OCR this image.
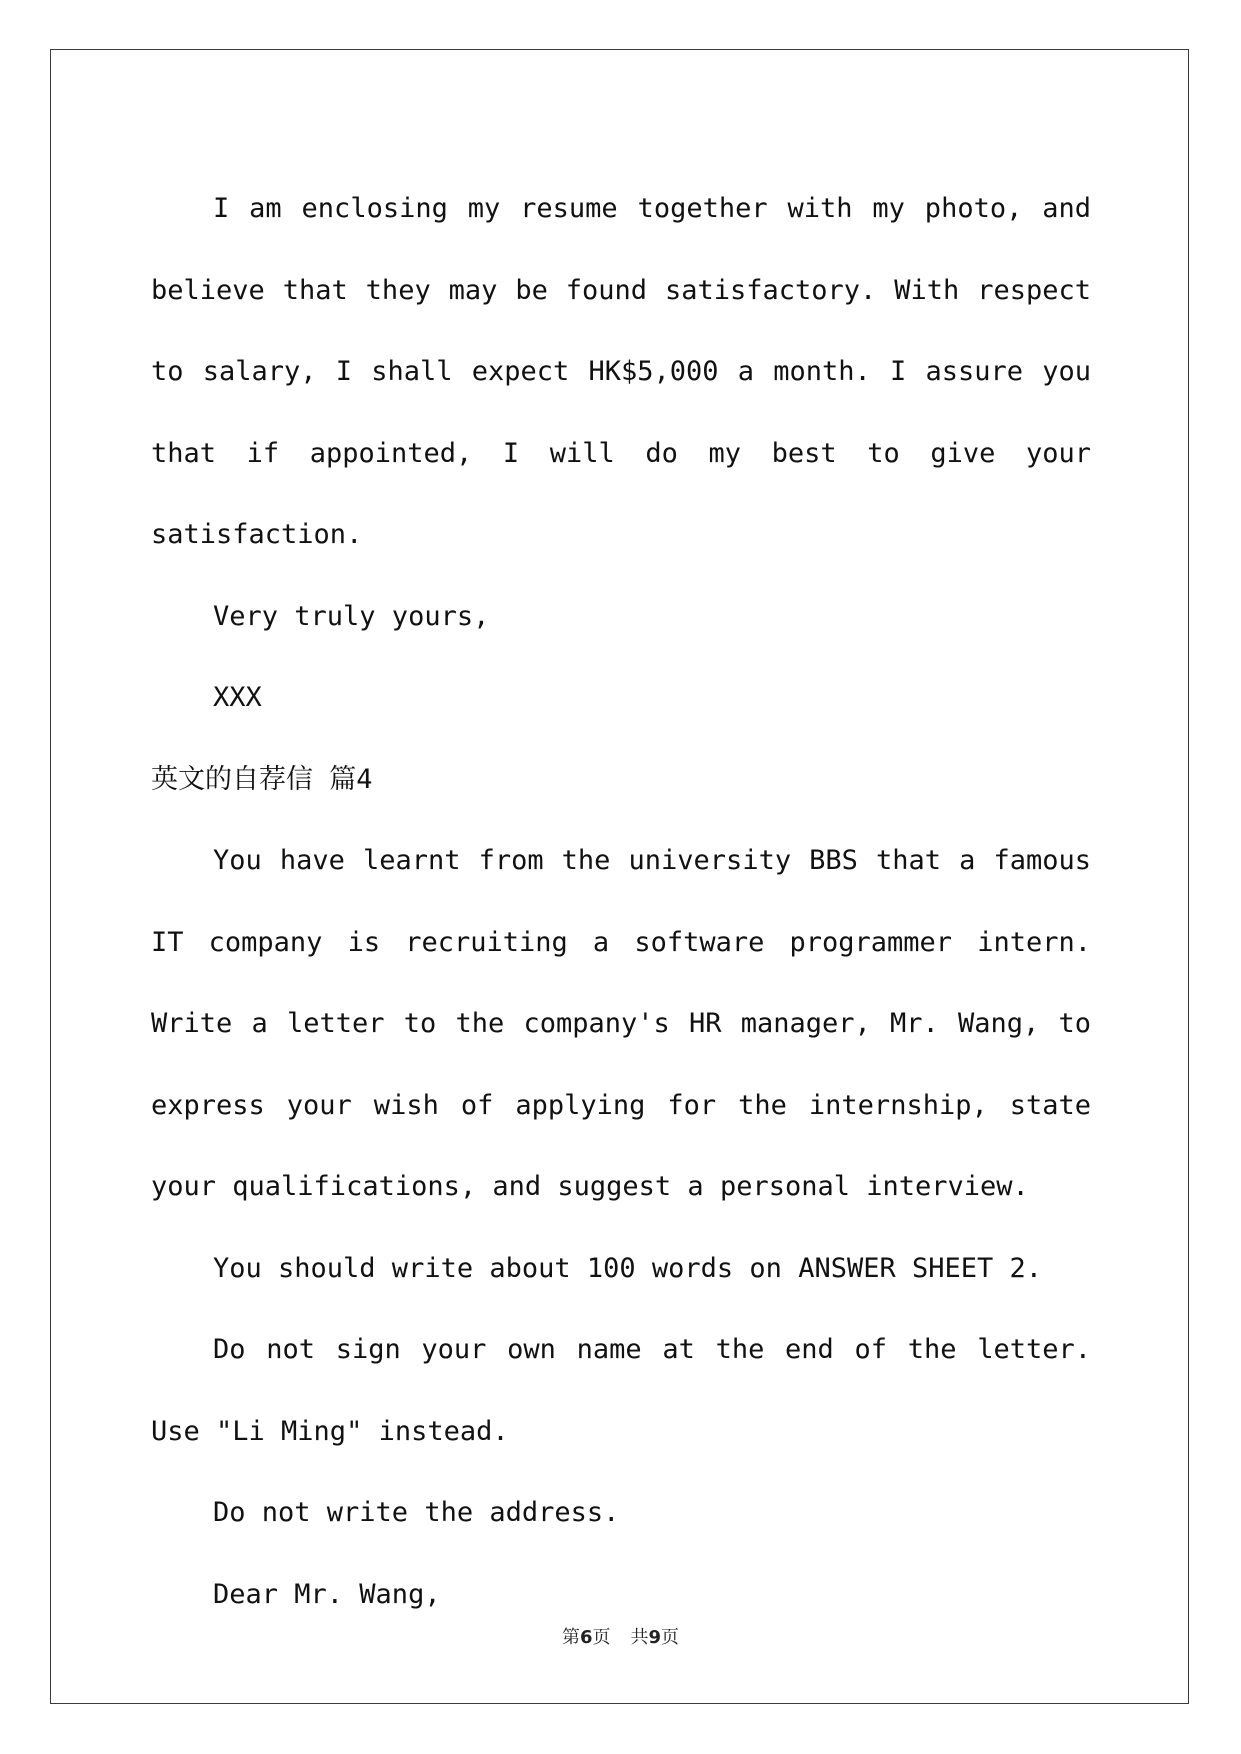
I am enclosing my resume together with my photo, and believe that they may be found satisfactory. With respect to salary, I shall expect HK$5,000 a month. I assure you that if appointed, I will do my best to give your satisfaction.

Very truly yours,

XXX

英文的自荐信 篇4

You have learnt from the university BBS that a famous IT company is recruiting a software programmer intern. Write a letter to the company's HR manager, Mr. Wang, to express your wish of applying for the internship, state your qualifications, and suggest a personal interview.

You should write about 100 words on ANSWER SHEET 2.

Do not sign your own name at the end of the letter. Use "Li Ming" instead.

Do not write the address.

Dear Mr. Wang,

第6页 共9页
